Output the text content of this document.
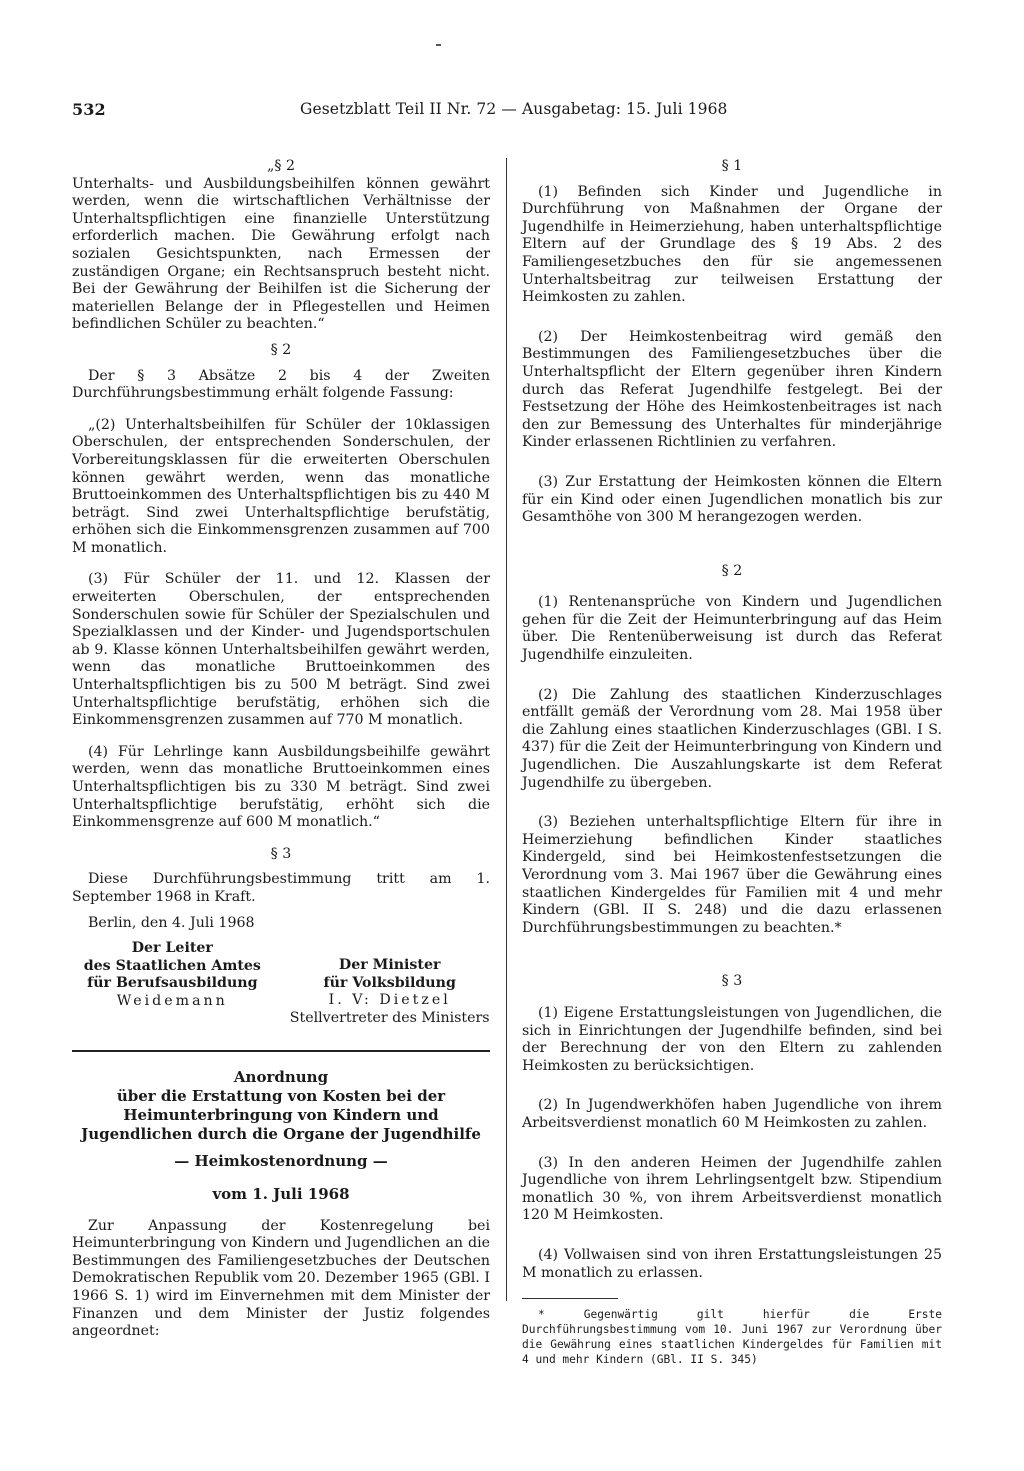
532	Gesetzblatt Teil II Nr. 72 — Ausgabetag: 15. Juli 1968

„§ 2

Unterhalts- und Ausbildungsbeihilfen können gewährt werden, wenn die wirtschaftlichen Verhältnisse der Unterhaltspflichtigen eine finanzielle Unterstützung erforderlich machen. Die Gewährung erfolgt nach sozialen Gesichtspunkten, nach Ermessen der zuständigen Organe; ein Rechtsanspruch besteht nicht. Bei der Gewährung der Beihilfen ist die Sicherung der materiellen Belange der in Pflegestellen und Heimen befindlichen Schüler zu beachten.“

§ 2

Der § 3 Absätze 2 bis 4 der Zweiten Durchführungsbestimmung erhält folgende Fassung:

„(2) Unterhaltsbeihilfen für Schüler der 10klassigen Oberschulen, der entsprechenden Sonderschulen, der Vorbereitungsklassen für die erweiterten Oberschulen können gewährt werden, wenn das monatliche Bruttoeinkommen des Unterhaltspflichtigen bis zu 440 M beträgt. Sind zwei Unterhaltspflichtige berufstätig, erhöhen sich die Einkommensgrenzen zusammen auf 700 M monatlich.

(3) Für Schüler der 11. und 12. Klassen der erweiterten Oberschulen, der entsprechenden Sonderschulen sowie für Schüler der Spezialschulen und Spezialklassen und der Kinder- und Jugendsportschulen ab 9. Klasse können Unterhaltsbeihilfen gewährt werden, wenn das monatliche Bruttoeinkommen des Unterhaltspflichtigen bis zu 500 M beträgt. Sind zwei Unterhaltspflichtige berufstätig, erhöhen sich die Einkommensgrenzen zusammen auf 770 M monatlich.

(4) Für Lehrlinge kann Ausbildungsbeihilfe gewährt werden, wenn das monatliche Bruttoeinkommen eines Unterhaltspflichtigen bis zu 330 M beträgt. Sind zwei Unterhaltspflichtige berufstätig, erhöht sich die Einkommensgrenze auf 600 M monatlich.“

§ 3

Diese Durchführungsbestimmung tritt am 1. September 1968 in Kraft.

Berlin, den 4. Juli 1968

Der Leiter
des Staatlichen Amtes
für Berufsausbildung
Weidemann
Der Minister
für Volksbildung
I. V: Dietzel
Stellvertreter des Ministers
Anordnung
über die Erstattung von Kosten bei der Heimunterbringung von Kindern und Jugendlichen durch die Organe der Jugendhilfe
— Heimkostenordnung —
vom 1. Juli 1968

Zur Anpassung der Kostenregelung bei Heimunterbringung von Kindern und Jugendlichen an die Bestimmungen des Familiengesetzbuches der Deutschen Demokratischen Republik vom 20. Dezember 1965 (GBl. I 1966 S. 1) wird im Einvernehmen mit dem Minister der Finanzen und dem Minister der Justiz folgendes angeordnet:

§ 1

(1) Befinden sich Kinder und Jugendliche in Durchführung von Maßnahmen der Organe der Jugendhilfe in Heimerziehung, haben unterhaltspflichtige Eltern auf der Grundlage des § 19 Abs. 2 des Familiengesetzbuches den für sie angemessenen Unterhaltsbeitrag zur teilweisen Erstattung der Heimkosten zu zahlen.

(2) Der Heimkostenbeitrag wird gemäß den Bestimmungen des Familiengesetzbuches über die Unterhaltspflicht der Eltern gegenüber ihren Kindern durch das Referat Jugendhilfe festgelegt. Bei der Festsetzung der Höhe des Heimkostenbeitrages ist nach den zur Bemessung des Unterhaltes für minderjährige Kinder erlassenen Richtlinien zu verfahren.

(3) Zur Erstattung der Heimkosten können die Eltern für ein Kind oder einen Jugendlichen monatlich bis zur Gesamthöhe von 300 M herangezogen werden.

§ 2

(1) Rentenansprüche von Kindern und Jugendlichen gehen für die Zeit der Heimunterbringung auf das Heim über. Die Rentenüberweisung ist durch das Referat Jugendhilfe einzuleiten.

(2) Die Zahlung des staatlichen Kinderzuschlages entfällt gemäß der Verordnung vom 28. Mai 1958 über die Zahlung eines staatlichen Kinderzuschlages (GBl. I S. 437) für die Zeit der Heimunterbringung von Kindern und Jugendlichen. Die Auszahlungskarte ist dem Referat Jugendhilfe zu übergeben.

(3) Beziehen unterhaltspflichtige Eltern für ihre in Heimerziehung befindlichen Kinder staatliches Kindergeld, sind bei Heimkostenfestsetzungen die Verordnung vom 3. Mai 1967 über die Gewährung eines staatlichen Kindergeldes für Familien mit 4 und mehr Kindern (GBl. II S. 248) und die dazu erlassenen Durchführungsbestimmungen zu beachten.*

§ 3

(1) Eigene Erstattungsleistungen von Jugendlichen, die sich in Einrichtungen der Jugendhilfe befinden, sind bei der Berechnung der von den Eltern zu zahlenden Heimkosten zu berücksichtigen.

(2) In Jugendwerkhöfen haben Jugendliche von ihrem Arbeitsverdienst monatlich 60 M Heimkosten zu zahlen.

(3) In den anderen Heimen der Jugendhilfe zahlen Jugendliche von ihrem Lehrlingsentgelt bzw. Stipendium monatlich 30 %, von ihrem Arbeitsverdienst monatlich 120 M Heimkosten.

(4) Vollwaisen sind von ihren Erstattungsleistungen 25 M monatlich zu erlassen.

* Gegenwärtig gilt hierfür die Erste Durchführungsbestimmung vom 10. Juni 1967 zur Verordnung über die Gewährung eines staatlichen Kindergeldes für Familien mit 4 und mehr Kindern (GBl. II S. 345)
